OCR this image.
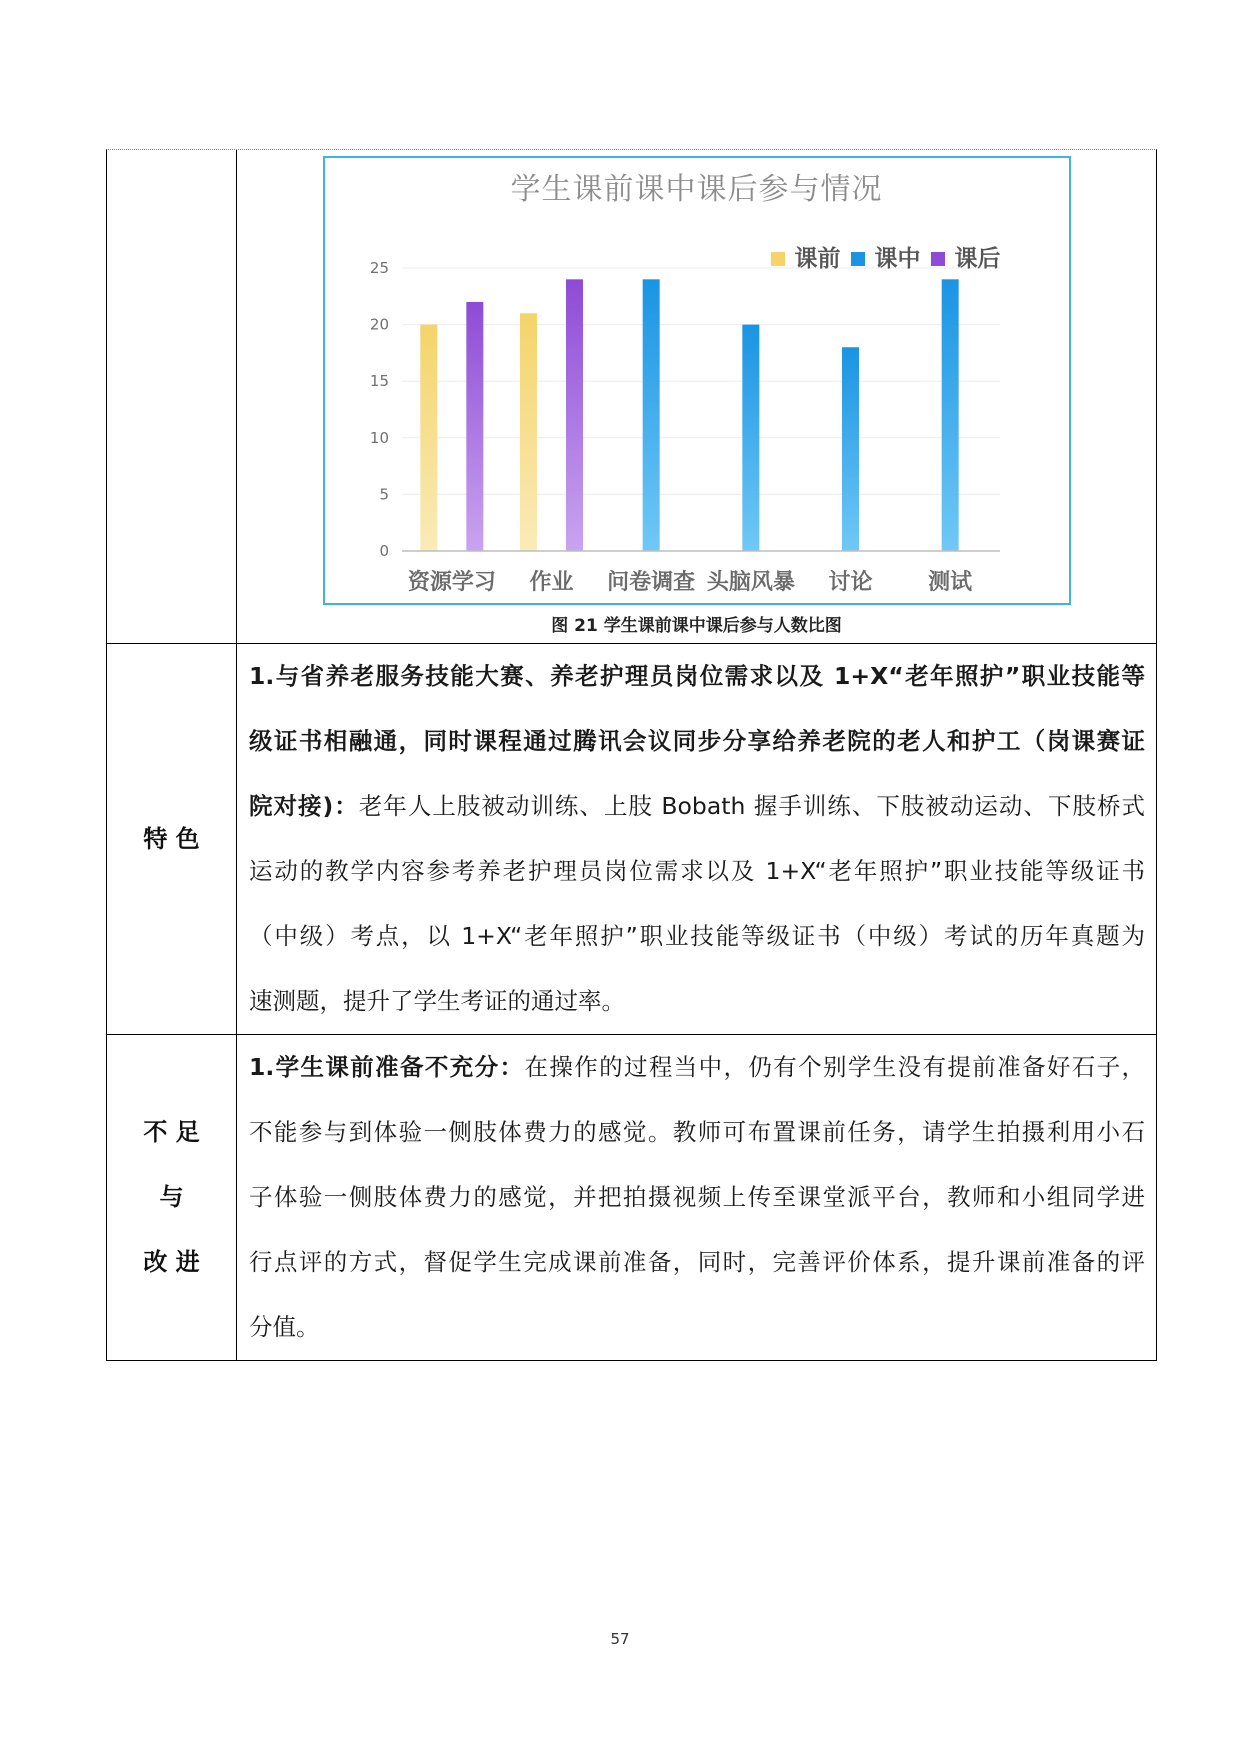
0
5
10
15
20
25
资源学习 作业 问卷调查 头脑风暴 讨论	测试
学生课前课中课后参与情况
课前 课中 课后
图 21 学生课前课中课后参与人数比图
特 色
1.与省养老服务技能大赛、养老护理员岗位需求以及 1+X“老年照护”职业技能等
级证书相融通，同时课程通过腾讯会议同步分享给养老院的老人和护工（岗课赛证
院对接)：老年人上肢被动训练、上肢 Bobath 握手训练、下肢被动运动、下肢桥式
运动的教学内容参考养老护理员岗位需求以及 1+X“老年照护”职业技能等级证书
（中级）考点，以 1+X“老年照护”职业技能等级证书（中级）考试的历年真题为
速测题，提升了学生考证的通过率。
不 足
与
改 进
1.学生课前准备不充分：在操作的过程当中，仍有个别学生没有提前准备好石子，
不能参与到体验一侧肢体费力的感觉。教师可布置课前任务，请学生拍摄利用小石
子体验一侧肢体费力的感觉，并把拍摄视频上传至课堂派平台，教师和小组同学进
行点评的方式，督促学生完成课前准备，同时，完善评价体系，提升课前准备的评
分值。
57
